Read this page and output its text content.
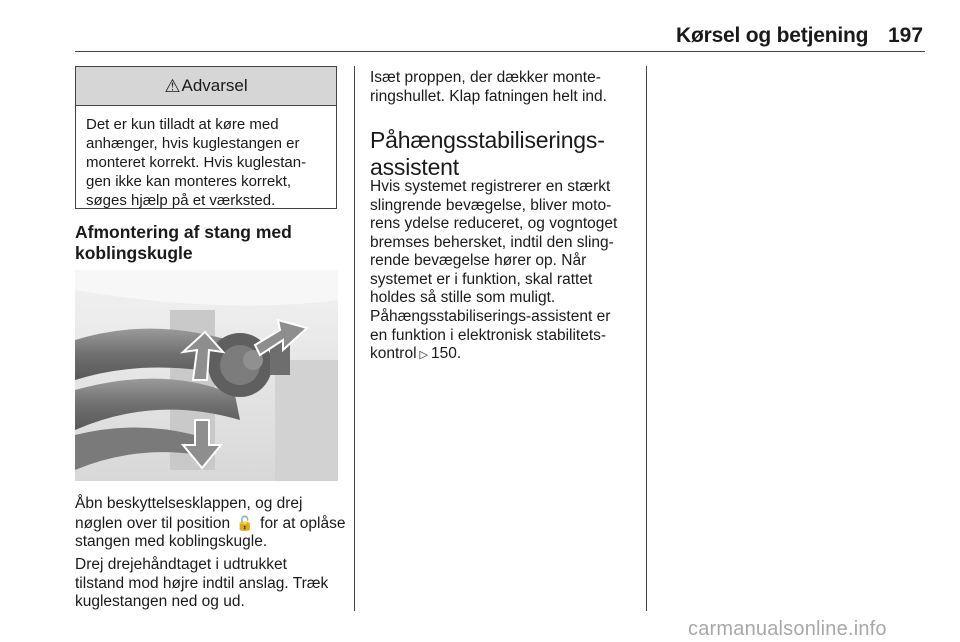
Kørsel og betjening 197
⚠ Advarsel
Det er kun tilladt at køre med
anhænger, hvis kuglestangen er
monteret korrekt. Hvis kuglestan-
gen ikke kan monteres korrekt,
søges hjælp på et værksted.
Afmontering af stang med
koblingskugle
Åbn beskyttelsesklappen, og drej
nøglen over til position 🔓 for at oplåse
stangen med koblingskugle.
Drej drejehåndtaget i udtrukket
tilstand mod højre indtil anslag. Træk
kuglestangen ned og ud.
Isæt proppen, der dækker monte-
ringshullet. Klap fatningen helt ind.
Påhængsstabiliserings-
assistent
Hvis systemet registrerer en stærkt
slingrende bevægelse, bliver moto-
rens ydelse reduceret, og vogntoget
bremses behersket, indtil den sling-
rende bevægelse hører op. Når
systemet er i funktion, skal rattet
holdes så stille som muligt.
Påhængsstabiliserings-assistent er
en funktion i elektronisk stabilitets-
kontrol ▷ 150.
carmanualsonline.info
